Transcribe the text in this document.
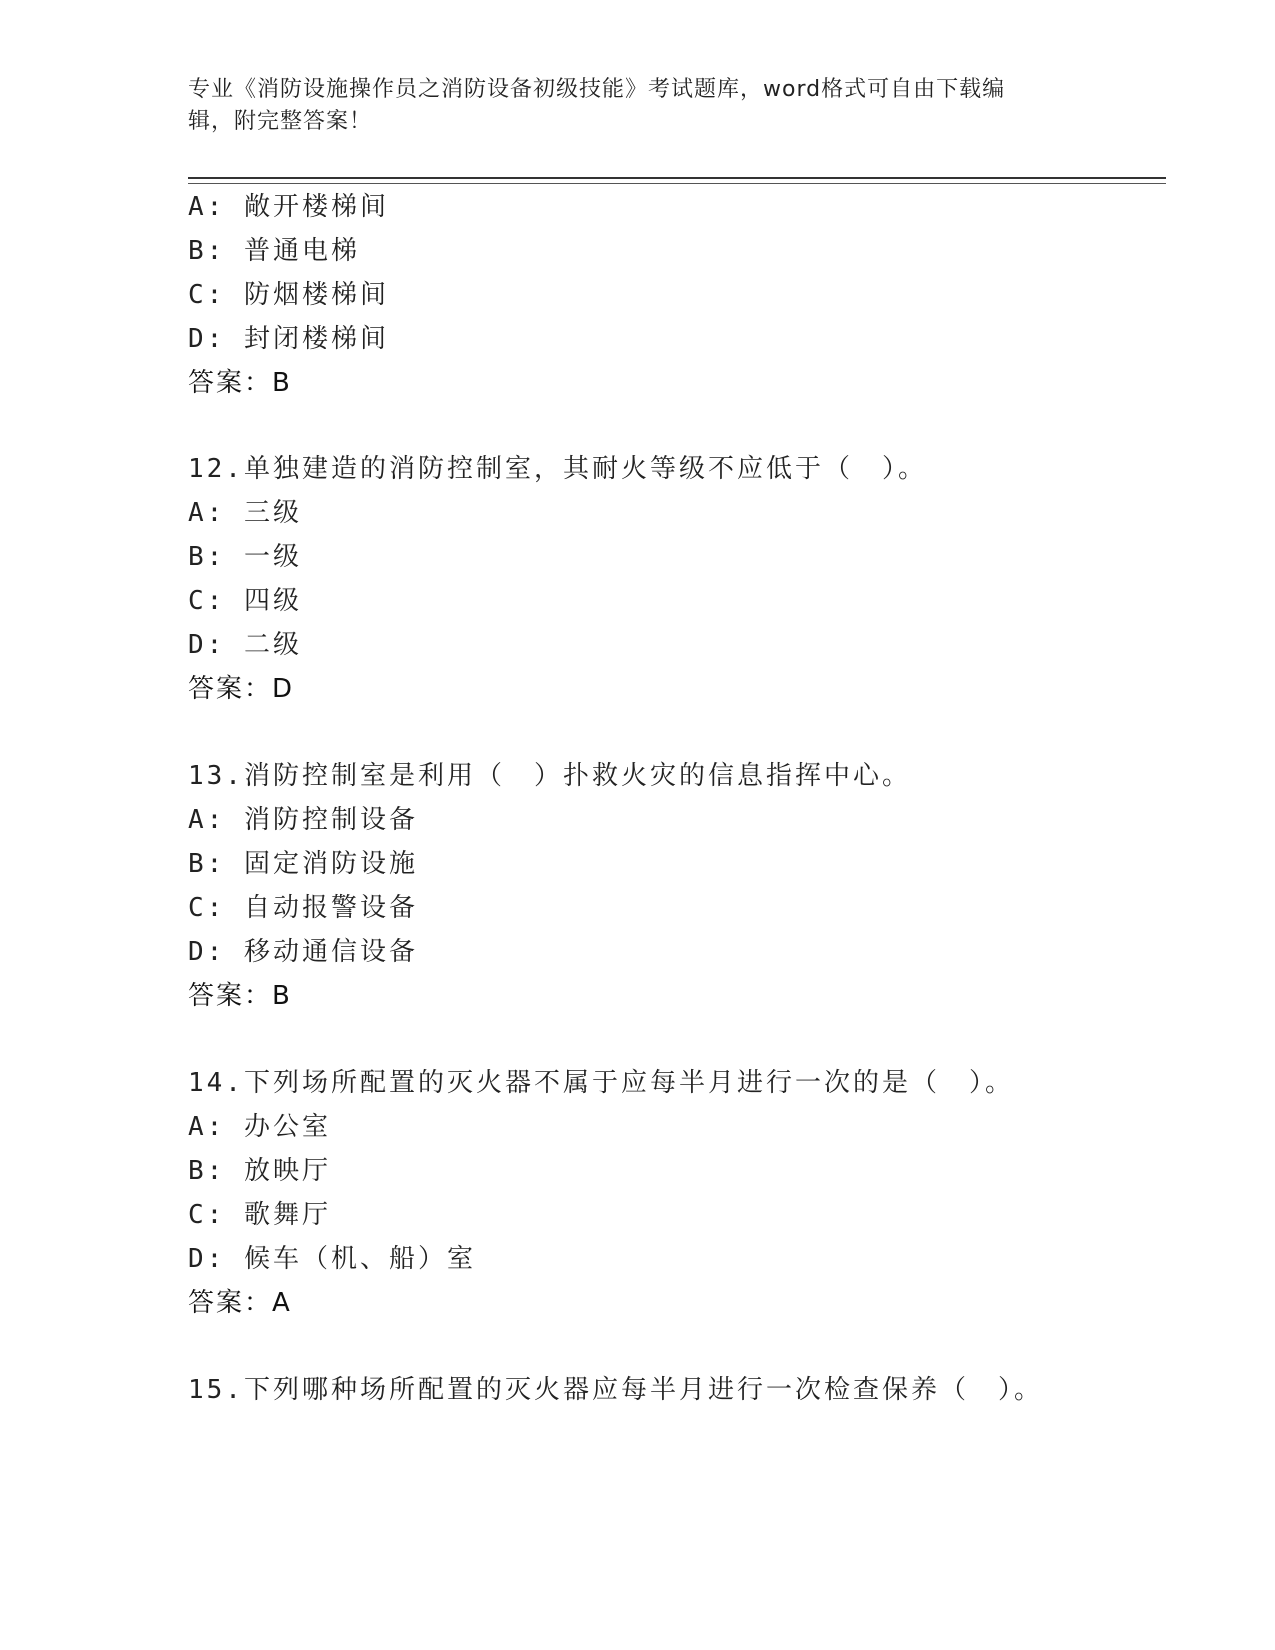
专业《消防设施操作员之消防设备初级技能》考试题库，word格式可自由下载编
辑，附完整答案！
A: 敞开楼梯间
B: 普通电梯
C: 防烟楼梯间
D: 封闭楼梯间
答案：B
12.单独建造的消防控制室，其耐火等级不应低于（　）。
A: 三级
B: 一级
C: 四级
D: 二级
答案：D
13.消防控制室是利用（　）扑救火灾的信息指挥中心。
A: 消防控制设备
B: 固定消防设施
C: 自动报警设备
D: 移动通信设备
答案：B
14.下列场所配置的灭火器不属于应每半月进行一次的是（　）。
A: 办公室
B: 放映厅
C: 歌舞厅
D: 候车（机、船）室
答案：A
15.下列哪种场所配置的灭火器应每半月进行一次检查保养（　）。
